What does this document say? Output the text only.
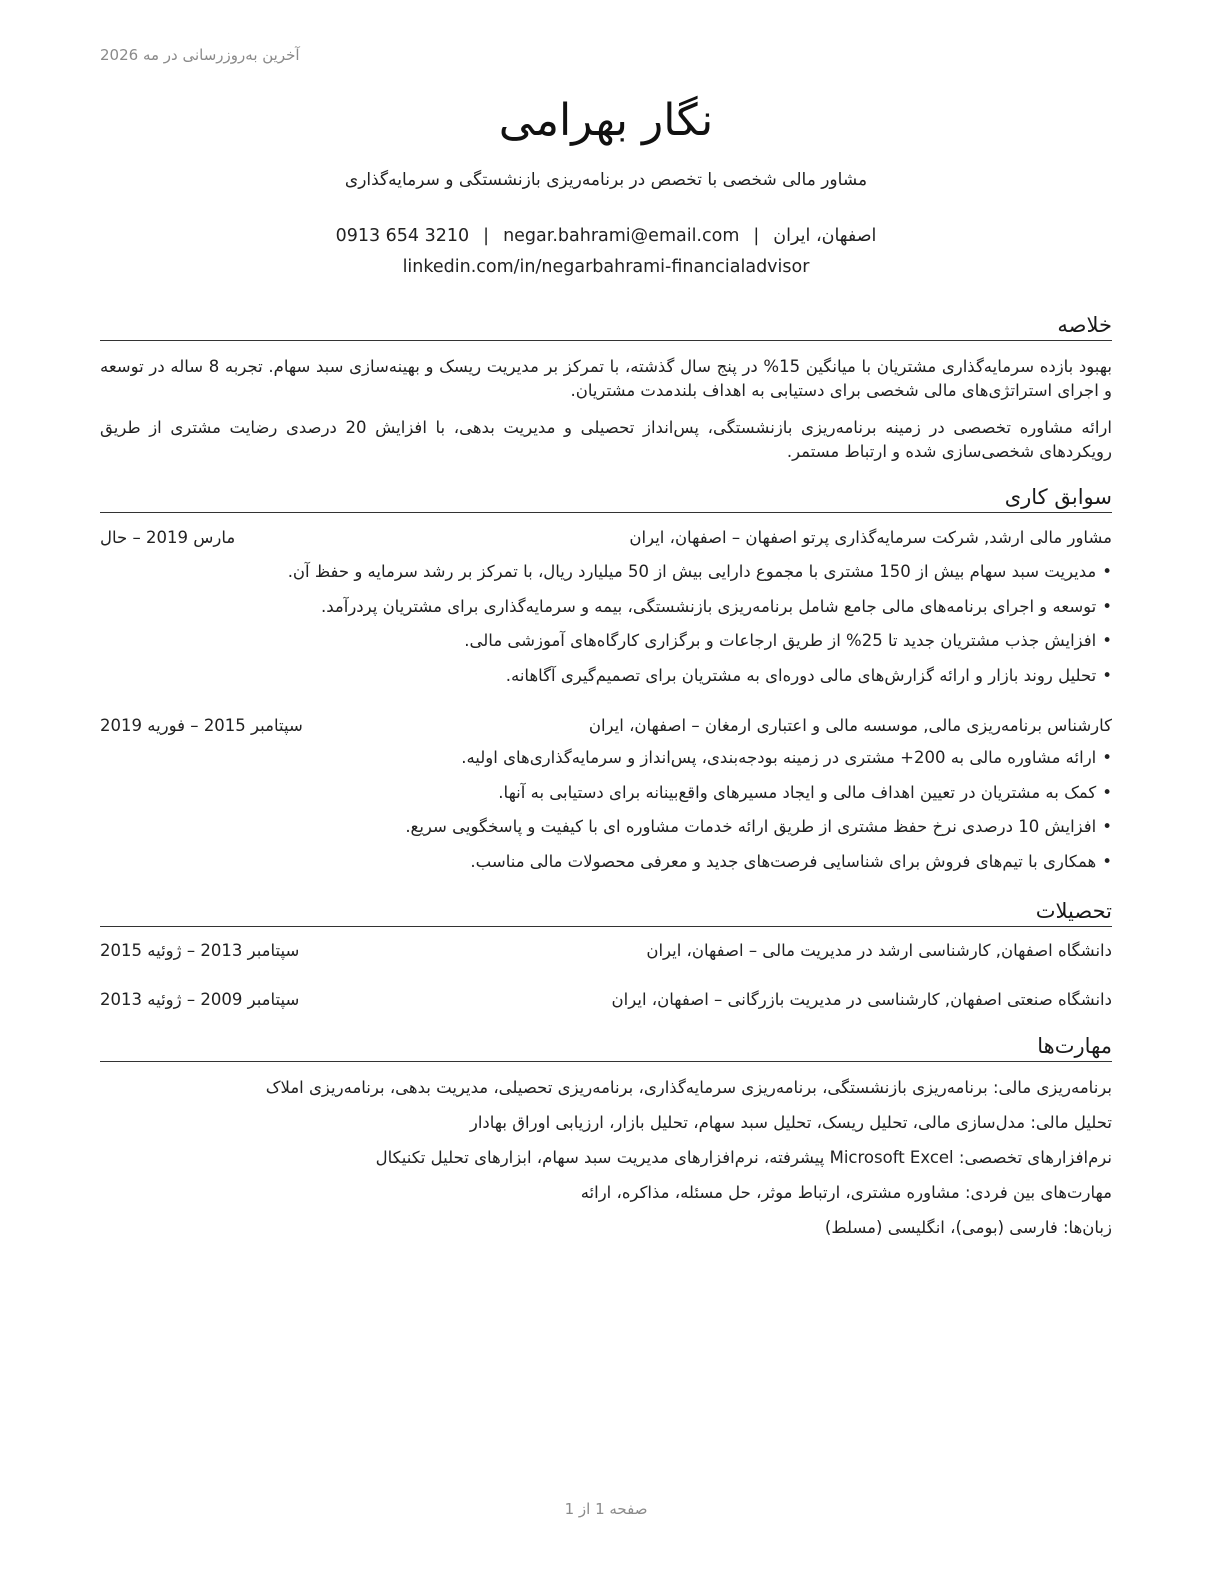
آخرین به‌روزرسانی در مه 2026
نگار بهرامی
مشاور مالی شخصی با تخصص در برنامه‌ریزی بازنشستگی و سرمایه‌گذاری
اصفهان، ایران|negar.bahrami@email.com|0913 654 3210
linkedin.com/in/negarbahrami-financialadvisor
خلاصه
بهبود بازده سرمایه‌گذاری مشتریان با میانگین 15% در پنج سال گذشته، با تمرکز بر مدیریت ریسک و بهینه‌سازی سبد سهام. تجربه 8 ساله در توسعه و اجرای استراتژی‌های مالی شخصی برای دستیابی به اهداف بلندمدت مشتریان.
ارائه مشاوره تخصصی در زمینه برنامه‌ریزی بازنشستگی، پس‌انداز تحصیلی و مدیریت بدهی، با افزایش 20 درصدی رضایت مشتری از طریق رویکردهای شخصی‌سازی شده و ارتباط مستمر.
سوابق کاری
مشاور مالی ارشد, شرکت سرمایه‌گذاری پرتو اصفهان – اصفهان، ایران
مارس 2019 – حال
• مدیریت سبد سهام بیش از 150 مشتری با مجموع دارایی بیش از 50 میلیارد ریال، با تمرکز بر رشد سرمایه و حفظ آن.
• توسعه و اجرای برنامه‌های مالی جامع شامل برنامه‌ریزی بازنشستگی، بیمه و سرمایه‌گذاری برای مشتریان پردرآمد.
• افزایش جذب مشتریان جدید تا 25% از طریق ارجاعات و برگزاری کارگاه‌های آموزشی مالی.
• تحلیل روند بازار و ارائه گزارش‌های مالی دوره‌ای به مشتریان برای تصمیم‌گیری آگاهانه.
کارشناس برنامه‌ریزی مالی, موسسه مالی و اعتباری ارمغان – اصفهان، ایران
سپتامبر 2015 – فوریه 2019
• ارائه مشاوره مالی به 200+ مشتری در زمینه بودجه‌بندی، پس‌انداز و سرمایه‌گذاری‌های اولیه.
• کمک به مشتریان در تعیین اهداف مالی و ایجاد مسیرهای واقع‌بینانه برای دستیابی به آنها.
• افزایش 10 درصدی نرخ حفظ مشتری از طریق ارائه خدمات مشاوره ای با کیفیت و پاسخگویی سریع.
• همکاری با تیم‌های فروش برای شناسایی فرصت‌های جدید و معرفی محصولات مالی مناسب.
تحصیلات
دانشگاه اصفهان, کارشناسی ارشد در مدیریت مالی – اصفهان، ایران
سپتامبر 2013 – ژوئیه 2015
دانشگاه صنعتی اصفهان, کارشناسی در مدیریت بازرگانی – اصفهان، ایران
سپتامبر 2009 – ژوئیه 2013
مهارت‌ها
برنامه‌ریزی مالی: برنامه‌ریزی بازنشستگی، برنامه‌ریزی سرمایه‌گذاری، برنامه‌ریزی تحصیلی، مدیریت بدهی، برنامه‌ریزی املاک
تحلیل مالی: مدل‌سازی مالی، تحلیل ریسک، تحلیل سبد سهام، تحلیل بازار، ارزیابی اوراق بهادار
نرم‌افزارهای تخصصی: Microsoft Excel پیشرفته، نرم‌افزارهای مدیریت سبد سهام، ابزارهای تحلیل تکنیکال
مهارت‌های بین فردی: مشاوره مشتری، ارتباط موثر، حل مسئله، مذاکره، ارائه
زبان‌ها: فارسی (بومی)، انگلیسی (مسلط)
صفحه 1 از 1
